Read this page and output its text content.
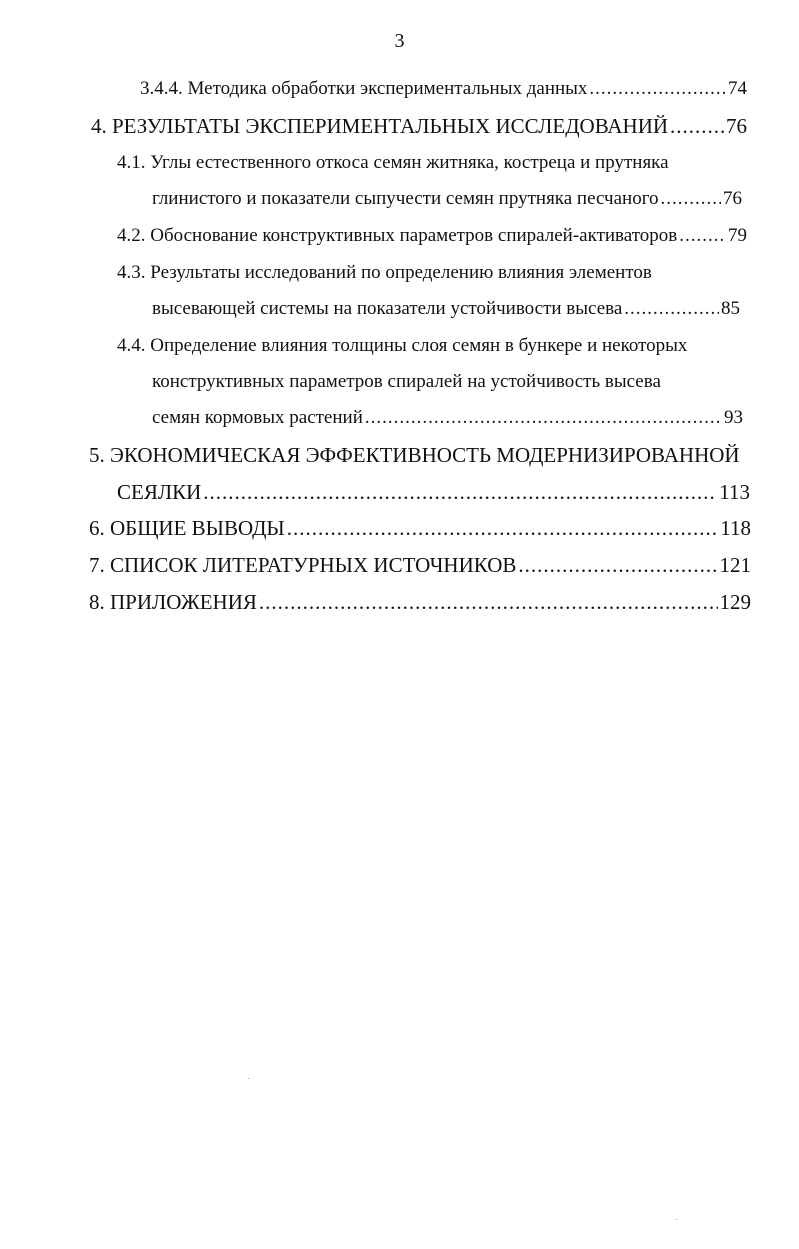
3
3.4.4. Методика обработки экспериментальных данных .....	74
4. РЕЗУЛЬТАТЫ ЭКСПЕРИМЕНТАЛЬНЫХ ИССЛЕДОВАНИЙ .....	76
4.1. Углы естественного откоса семян житняка, костреца и прутняка
глинистого и показатели сыпучести семян прутняка песчаного .....	76
4.2. Обоснование конструктивных параметров спиралей-активаторов .....	79
4.3. Результаты исследований по определению влияния элементов
высевающей системы на показатели устойчивости высева .....	85
4.4. Определение влияния толщины слоя семян в бункере и некоторых
конструктивных параметров спиралей на устойчивость высева
семян кормовых растений .....	93
5. ЭКОНОМИЧЕСКАЯ ЭФФЕКТИВНОСТЬ МОДЕРНИЗИРОВАННОЙ
СЕЯЛКИ .....	113
6. ОБЩИЕ ВЫВОДЫ .....	118
7. СПИСОК ЛИТЕРАТУРНЫХ ИСТОЧНИКОВ .....	121
8. ПРИЛОЖЕНИЯ .....	129
